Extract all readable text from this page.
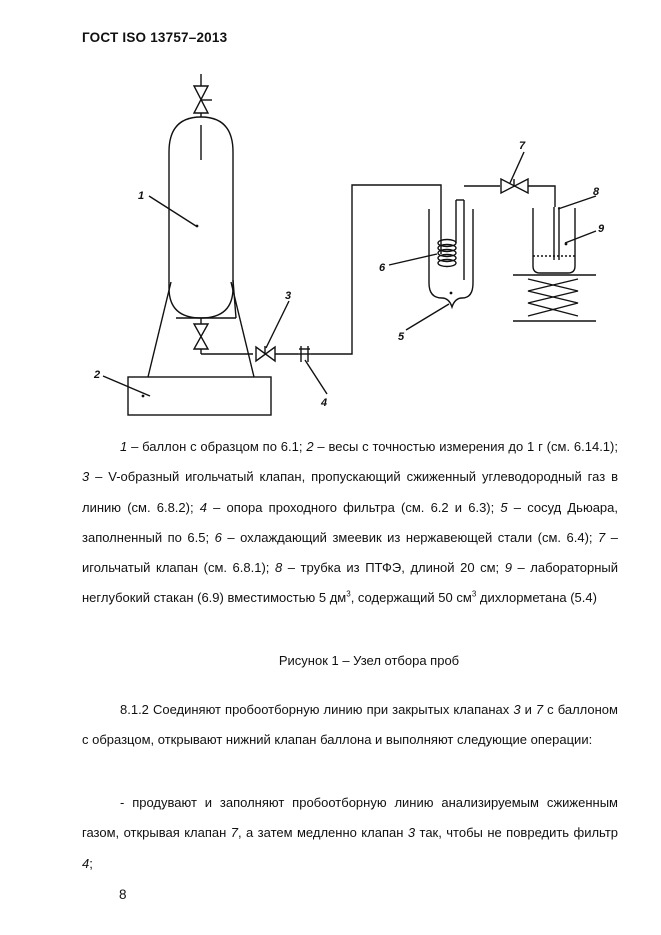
ГОСТ ISO 13757–2013
1
2
3
4
5
6
7
8
9
1 – баллон с образцом по 6.1; 2 – весы с точностью измерения до 1 г (см. 6.14.1); 3 – V-образный игольчатый клапан, пропускающий сжиженный углеводородный газ в линию (см. 6.8.2); 4 – опора проходного фильтра (см. 6.2 и 6.3); 5 – сосуд Дьюара, заполненный по 6.5; 6 – охлаждающий змеевик из нержавеющей стали (см. 6.4); 7 – игольчатый клапан (см. 6.8.1); 8 – трубка из ПТФЭ, длиной 20 см; 9 – лабораторный неглубокий стакан (6.9) вместимостью 5 $дм^3$, содержащий 50 $см^3$ дихлорметана (5.4)
Рисунок 1 – Узел отбора проб
8.1.2 Соединяют пробоотборную линию при закрытых клапанах 3 и 7 с баллоном с образцом, открывают нижний клапан баллона и выполняют следующие операции:
- продувают и заполняют пробоотборную линию анализируемым сжиженным газом, открывая клапан 7, а затем медленно клапан 3 так, чтобы не повредить фильтр 4;
8
